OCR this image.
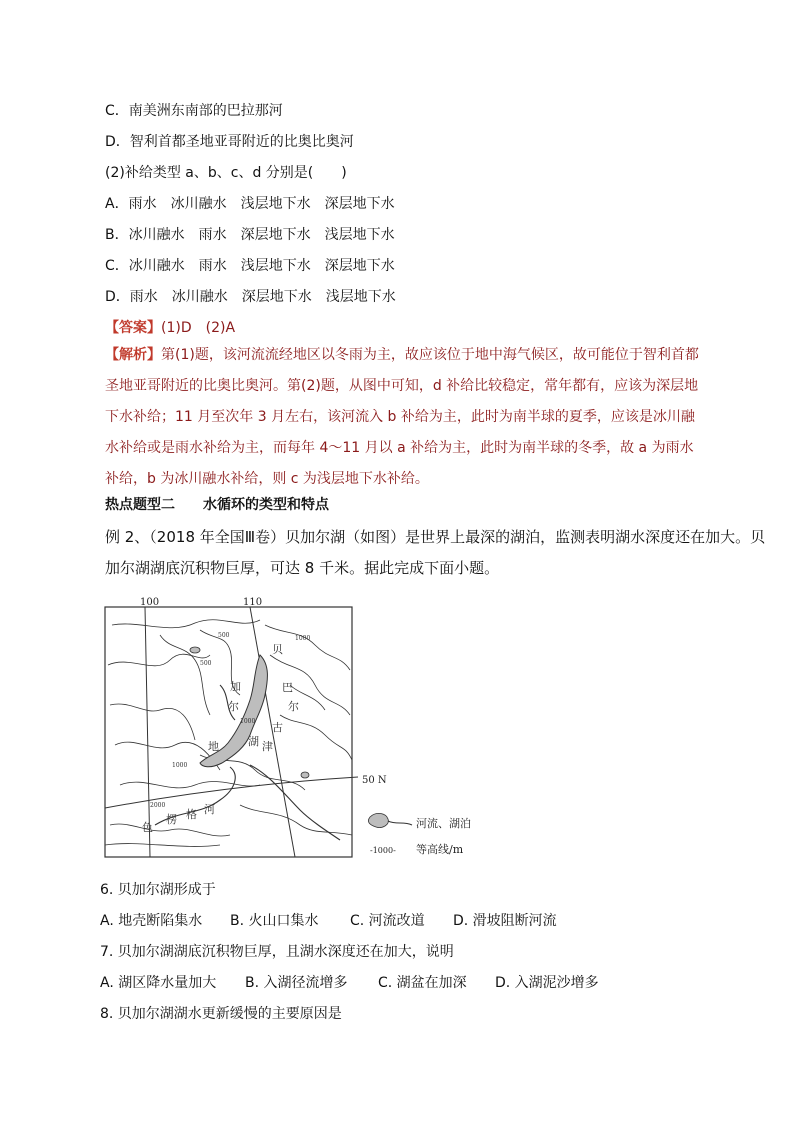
C．南美洲东南部的巴拉那河
D．智利首都圣地亚哥附近的比奥比奥河
(2)补给类型 a、b、c、d 分别是(　　)
A．雨水　冰川融水　浅层地下水　深层地下水
B．冰川融水　雨水　深层地下水　浅层地下水
C．冰川融水　雨水　浅层地下水　深层地下水
D．雨水　冰川融水　深层地下水　浅层地下水
【答案】(1)D　(2)A
【解析】第(1)题，该河流流经地区以冬雨为主，故应该位于地中海气候区，故可能位于智利首都圣地亚哥附近的比奥比奥河。第(2)题，从图中可知，d 补给比较稳定，常年都有，应该为深层地下水补给；11 月至次年 3 月左右，该河流入 b 补给为主，此时为南半球的夏季，应该是冰川融水补给或是雨水补给为主，而每年 4～11 月以 a 补给为主，此时为南半球的冬季，故 a 为雨水补给，b 为冰川融水补给，则 c 为浅层地下水补给。
热点题型二　　水循环的类型和特点
例 2、（2018 年全国Ⅲ卷）贝加尔湖（如图）是世界上最深的湖泊，监测表明湖水深度还在加大。贝
加尔湖湖底沉积物巨厚，可达 8 千米。据此完成下面小题。
100	110
50 N
500
500
1000
1000
2000
1000
贝
加
尔
湖
巴
尔
古
津
地
色
楞 格 河
河流、湖泊
-1000- 等高线/m
6. 贝加尔湖形成于
A. 地壳断陷集水 B. 火山口集水 C. 河流改道 D. 滑坡阻断河流
7. 贝加尔湖湖底沉积物巨厚，且湖水深度还在加大，说明
A. 湖区降水量加大 B. 入湖径流增多 C. 湖盆在加深 D. 入湖泥沙增多
8. 贝加尔湖湖水更新缓慢的主要原因是
